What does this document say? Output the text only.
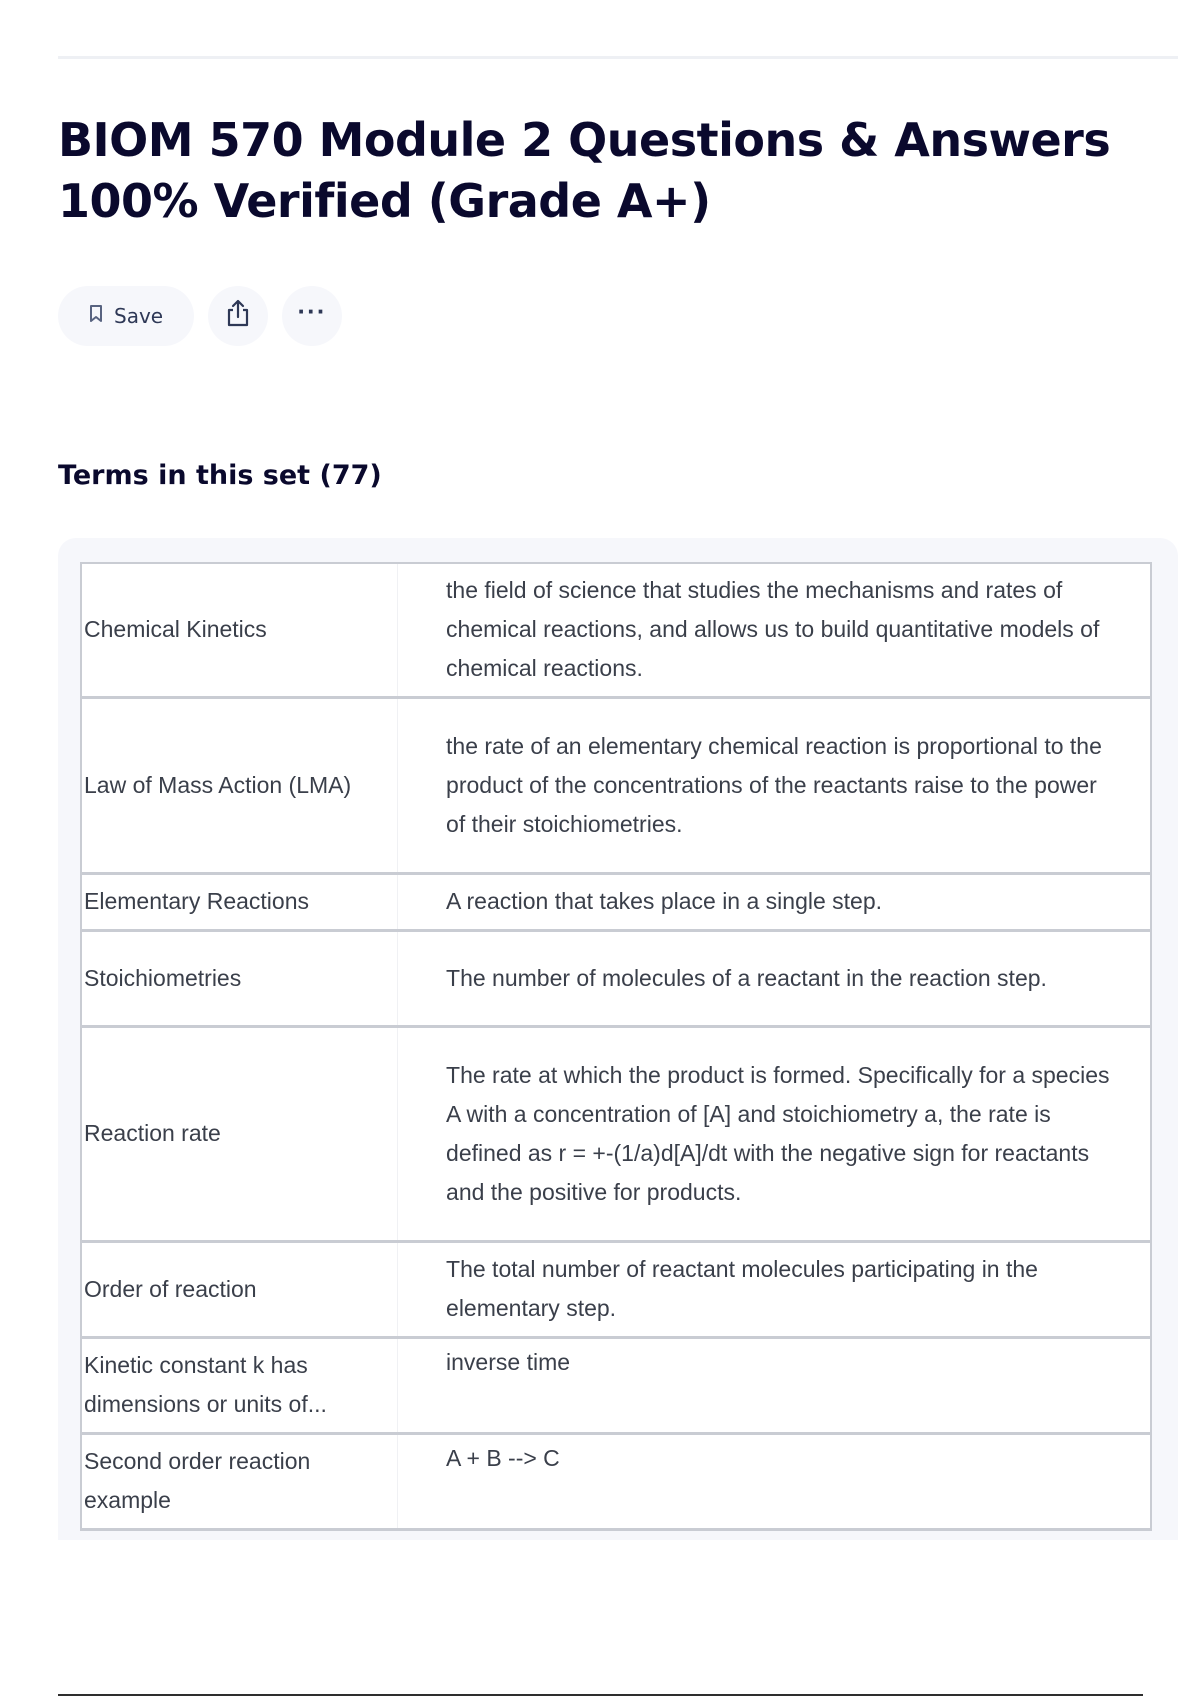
BIOM 570 Module 2 Questions & Answers 100% Verified (Grade A+)
Save	···
Terms in this set (77)
Chemical Kinetics	the field of science that studies the mechanisms and rates of chemical reactions, and allows us to build quantitative models of chemical reactions.
Law of Mass Action (LMA)	the rate of an elementary chemical reaction is proportional to the product of the concentrations of the reactants raise to the power of their stoichiometries.
Elementary Reactions	A reaction that takes place in a single step.
Stoichiometries	The number of molecules of a reactant in the reaction step.
Reaction rate	The rate at which the product is formed. Specifically for a species A with a concentration of [A] and stoichiometry a, the rate is defined as r = +-(1/a)d[A]/dt with the negative sign for reactants and the positive for products.
Order of reaction	The total number of reactant molecules participating in the elementary step.
Kinetic constant k has dimensions or units of...	inverse time
Second order reaction example	A + B --> C
